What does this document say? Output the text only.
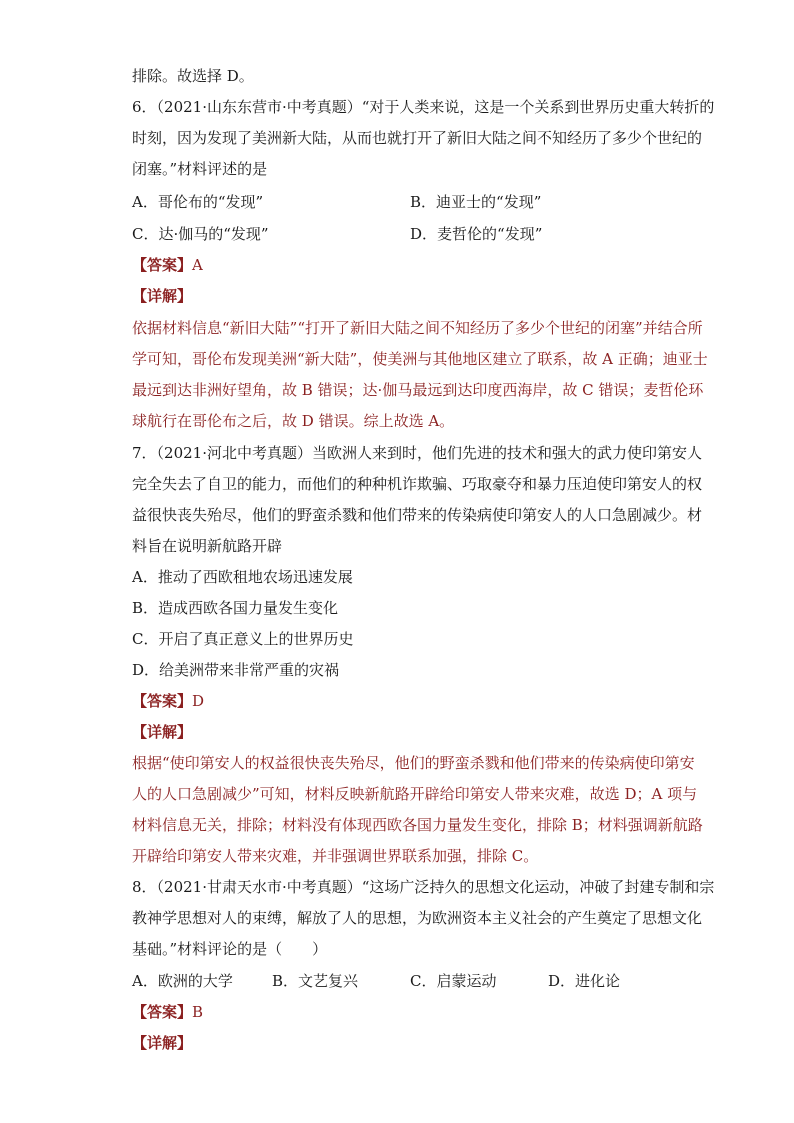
排除。故选择 D。
6．（2021·山东东营市·中考真题）“对于人类来说，这是一个关系到世界历史重大转折的
时刻，因为发现了美洲新大陆，从而也就打开了新旧大陆之间不知经历了多少个世纪的
闭塞。”材料评述的是
A．哥伦布的“发现”	B．迪亚士的“发现”
C．达·伽马的“发现”	D．麦哲伦的“发现”
【答案】A
【详解】
依据材料信息“新旧大陆”“打开了新旧大陆之间不知经历了多少个世纪的闭塞”并结合所
学可知，哥伦布发现美洲“新大陆”，使美洲与其他地区建立了联系，故 A 正确；迪亚士
最远到达非洲好望角，故 B 错误；达·伽马最远到达印度西海岸，故 C 错误；麦哲伦环
球航行在哥伦布之后，故 D 错误。综上故选 A。
7．（2021·河北中考真题）当欧洲人来到时，他们先进的技术和强大的武力使印第安人
完全失去了自卫的能力，而他们的种种机诈欺骗、巧取豪夺和暴力压迫使印第安人的权
益很快丧失殆尽，他们的野蛮杀戮和他们带来的传染病使印第安人的人口急剧减少。材
料旨在说明新航路开辟
A．推动了西欧租地农场迅速发展
B．造成西欧各国力量发生变化
C．开启了真正意义上的世界历史
D．给美洲带来非常严重的灾祸
【答案】D
【详解】
根据“使印第安人的权益很快丧失殆尽，他们的野蛮杀戮和他们带来的传染病使印第安
人的人口急剧减少”可知，材料反映新航路开辟给印第安人带来灾难，故选 D；A 项与
材料信息无关，排除；材料没有体现西欧各国力量发生变化，排除 B；材料强调新航路
开辟给印第安人带来灾难，并非强调世界联系加强，排除 C。
8．（2021·甘肃天水市·中考真题）“这场广泛持久的思想文化运动，冲破了封建专制和宗
教神学思想对人的束缚，解放了人的思想，为欧洲资本主义社会的产生奠定了思想文化
基础。”材料评论的是（　　）
A．欧洲的大学	B．文艺复兴	C．启蒙运动	D．进化论
【答案】B
【详解】
